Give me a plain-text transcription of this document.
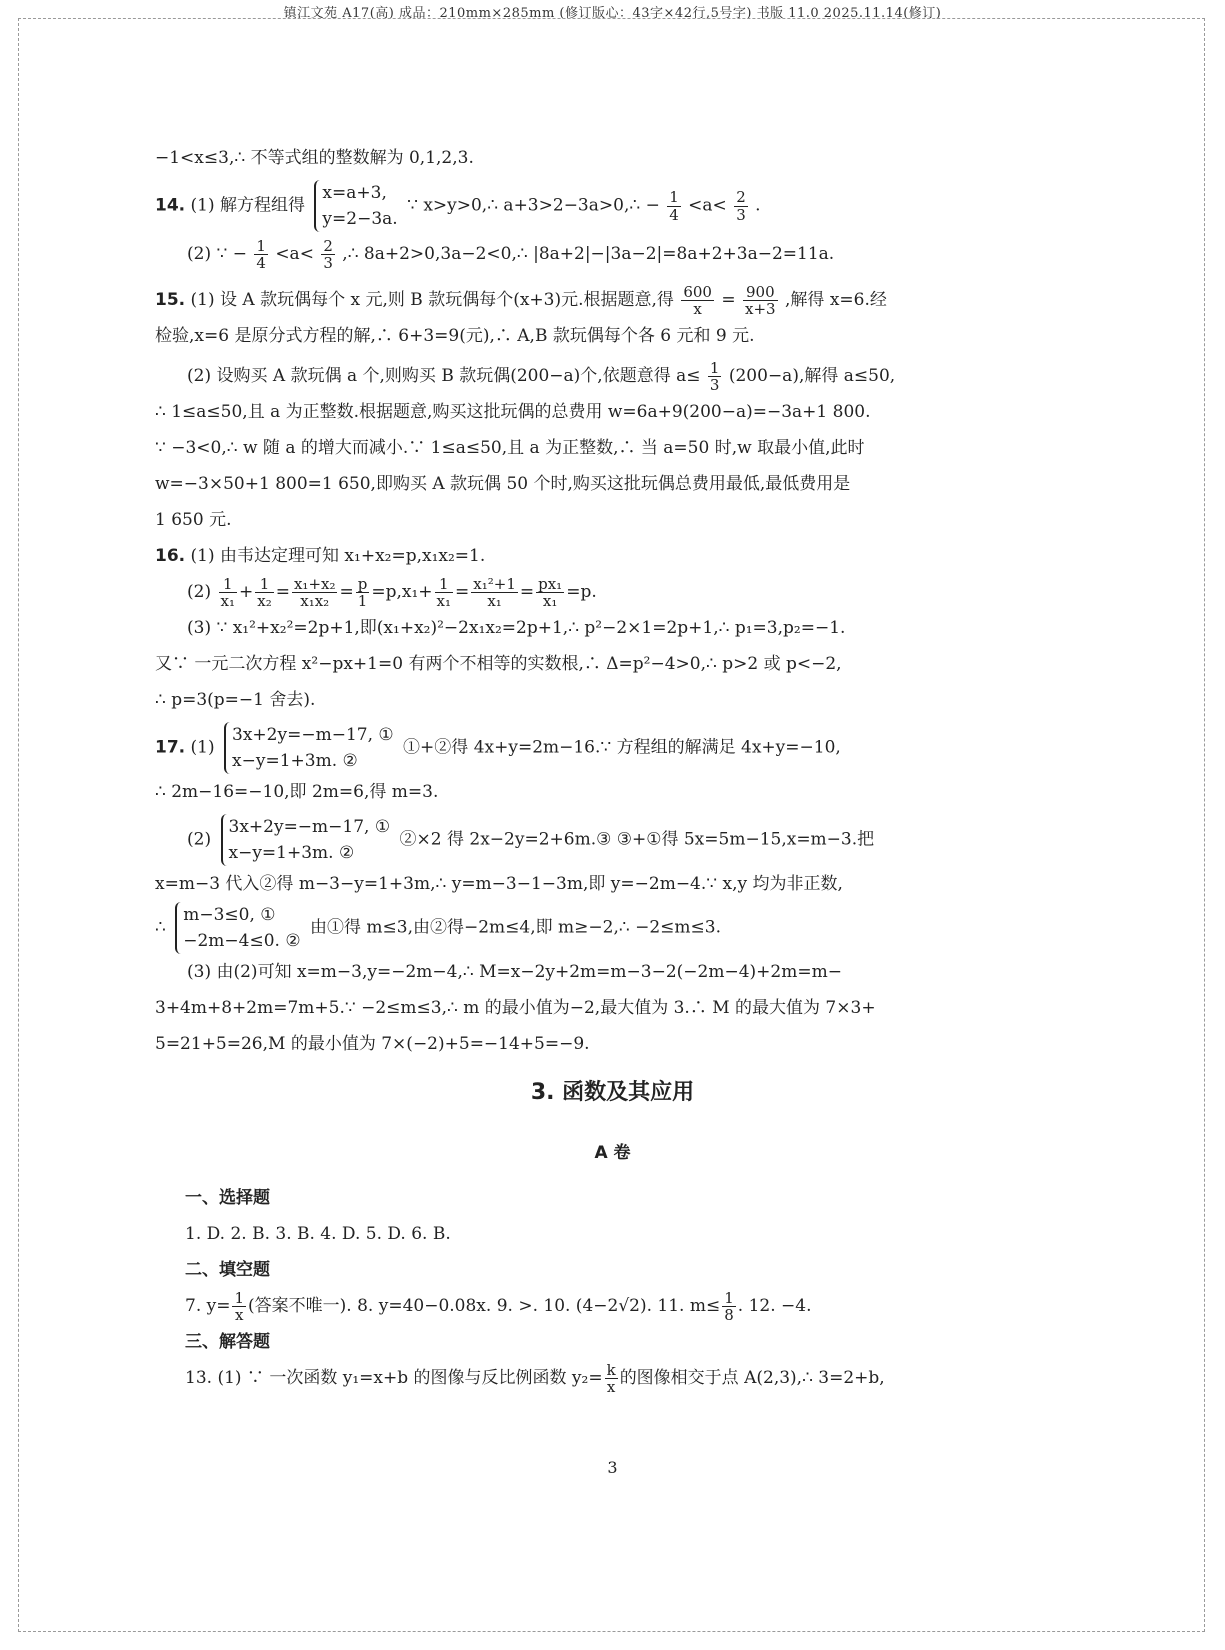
镇江文苑 A17(高) 成品：210mm×285mm (修订版心：43字×42行,5号字) 书版 11.0 2025.11.14(修订)
−1<x≤3,∴ 不等式组的整数解为 0,1,2,3.
14. (1) 解方程组得
x=a+3,
y=2−3a.
∵ x>y>0,∴ a+3>2−3a>0,∴ − $\frac{1}{4} <a< \frac{2}{3}$ .
(2) ∵ − $\frac{1}{4} <a< \frac{2}{3}$ ,∴ 8a+2>0,3a−2<0,∴ |8a+2|−|3a−2|=8a+2+3a−2=11a.
15. (1) 设 A 款玩偶每个 x 元,则 B 款玩偶每个(x+3)元.根据题意,得 $\frac{600}{x} = \frac{900}{x+3}$ ,解得 x=6.经
检验,x=6 是原分式方程的解,∴ 6+3=9(元),∴ A,B 款玩偶每个各 6 元和 9 元.
(2) 设购买 A 款玩偶 a 个,则购买 B 款玩偶(200−a)个,依题意得 $a\le \frac{1}{3} (200-a)$,解得 a≤50,
∴ 1≤a≤50,且 a 为正整数.根据题意,购买这批玩偶的总费用 w=6a+9(200−a)=−3a+1 800.
∵ −3<0,∴ w 随 a 的增大而减小.∵ 1≤a≤50,且 a 为正整数,∴ 当 a=50 时,w 取最小值,此时
w=−3×50+1 800=1 650,即购买 A 款玩偶 50 个时,购买这批玩偶总费用最低,最低费用是
1 650 元.
16. (1) 由韦达定理可知 x₁+x₂=p,x₁x₂=1.
$(2) \frac{1}{\text{x₁}} + \frac{1}{\text{x₂}} = \frac{\text{x₁+x₂}}{\text{x₁x₂}} = \frac{p}{1} =p,x_1+ \frac{1}{\text{x₁}} = \frac{\text{x₁²+1}}{\text{x₁}} = \frac{\text{px₁}}{\text{x₁}} =p$.
(3) ∵ x₁²+x₂²=2p+1,即(x₁+x₂)²−2x₁x₂=2p+1,∴ p²−2×1=2p+1,∴ p₁=3,p₂=−1.
又∵ 一元二次方程 x²−px+1=0 有两个不相等的实数根,∴ Δ=p²−4>0,∴ p>2 或 p<−2,
∴ p=3(p=−1 舍去).
17. (1)
3x+2y=−m−17, ①
x−y=1+3m. ②
①+②得 4x+y=2m−16.∵ 方程组的解满足 4x+y=−10,
∴ 2m−16=−10,即 2m=6,得 m=3.
(2)
3x+2y=−m−17, ①
x−y=1+3m. ②
②×2 得 2x−2y=2+6m.③ ③+①得 5x=5m−15,x=m−3.把
x=m−3 代入②得 m−3−y=1+3m,∴ y=m−3−1−3m,即 y=−2m−4.∵ x,y 均为非正数,
∴
m−3≤0, ①
−2m−4≤0. ②
由①得 m≤3,由②得−2m≤4,即 m≥−2,∴ −2≤m≤3.
(3) 由(2)可知 x=m−3,y=−2m−4,∴ M=x−2y+2m=m−3−2(−2m−4)+2m=m−
3+4m+8+2m=7m+5.∵ −2≤m≤3,∴ m 的最小值为−2,最大值为 3.∴ M 的最大值为 7×3+
5=21+5=26,M 的最小值为 7×(−2)+5=−14+5=−9.
3. 函数及其应用
A 卷
一、选择题
1. D. 2. B. 3. B. 4. D. 5. D. 6. B.
二、填空题
7. $y= \frac{1}{x}$ (答案不唯一). 8. y=40−0.08x. 9. >. 10. (4−2√2). 11. $m\le \frac{1}{8}$ . 12. −4.
三、解答题
13. (1) ∵ 一次函数 y₁=x+b 的图像与反比例函数 $y_2= \frac{k}{x}$ 的图像相交于点 A(2,3),∴ 3=2+b,
3
